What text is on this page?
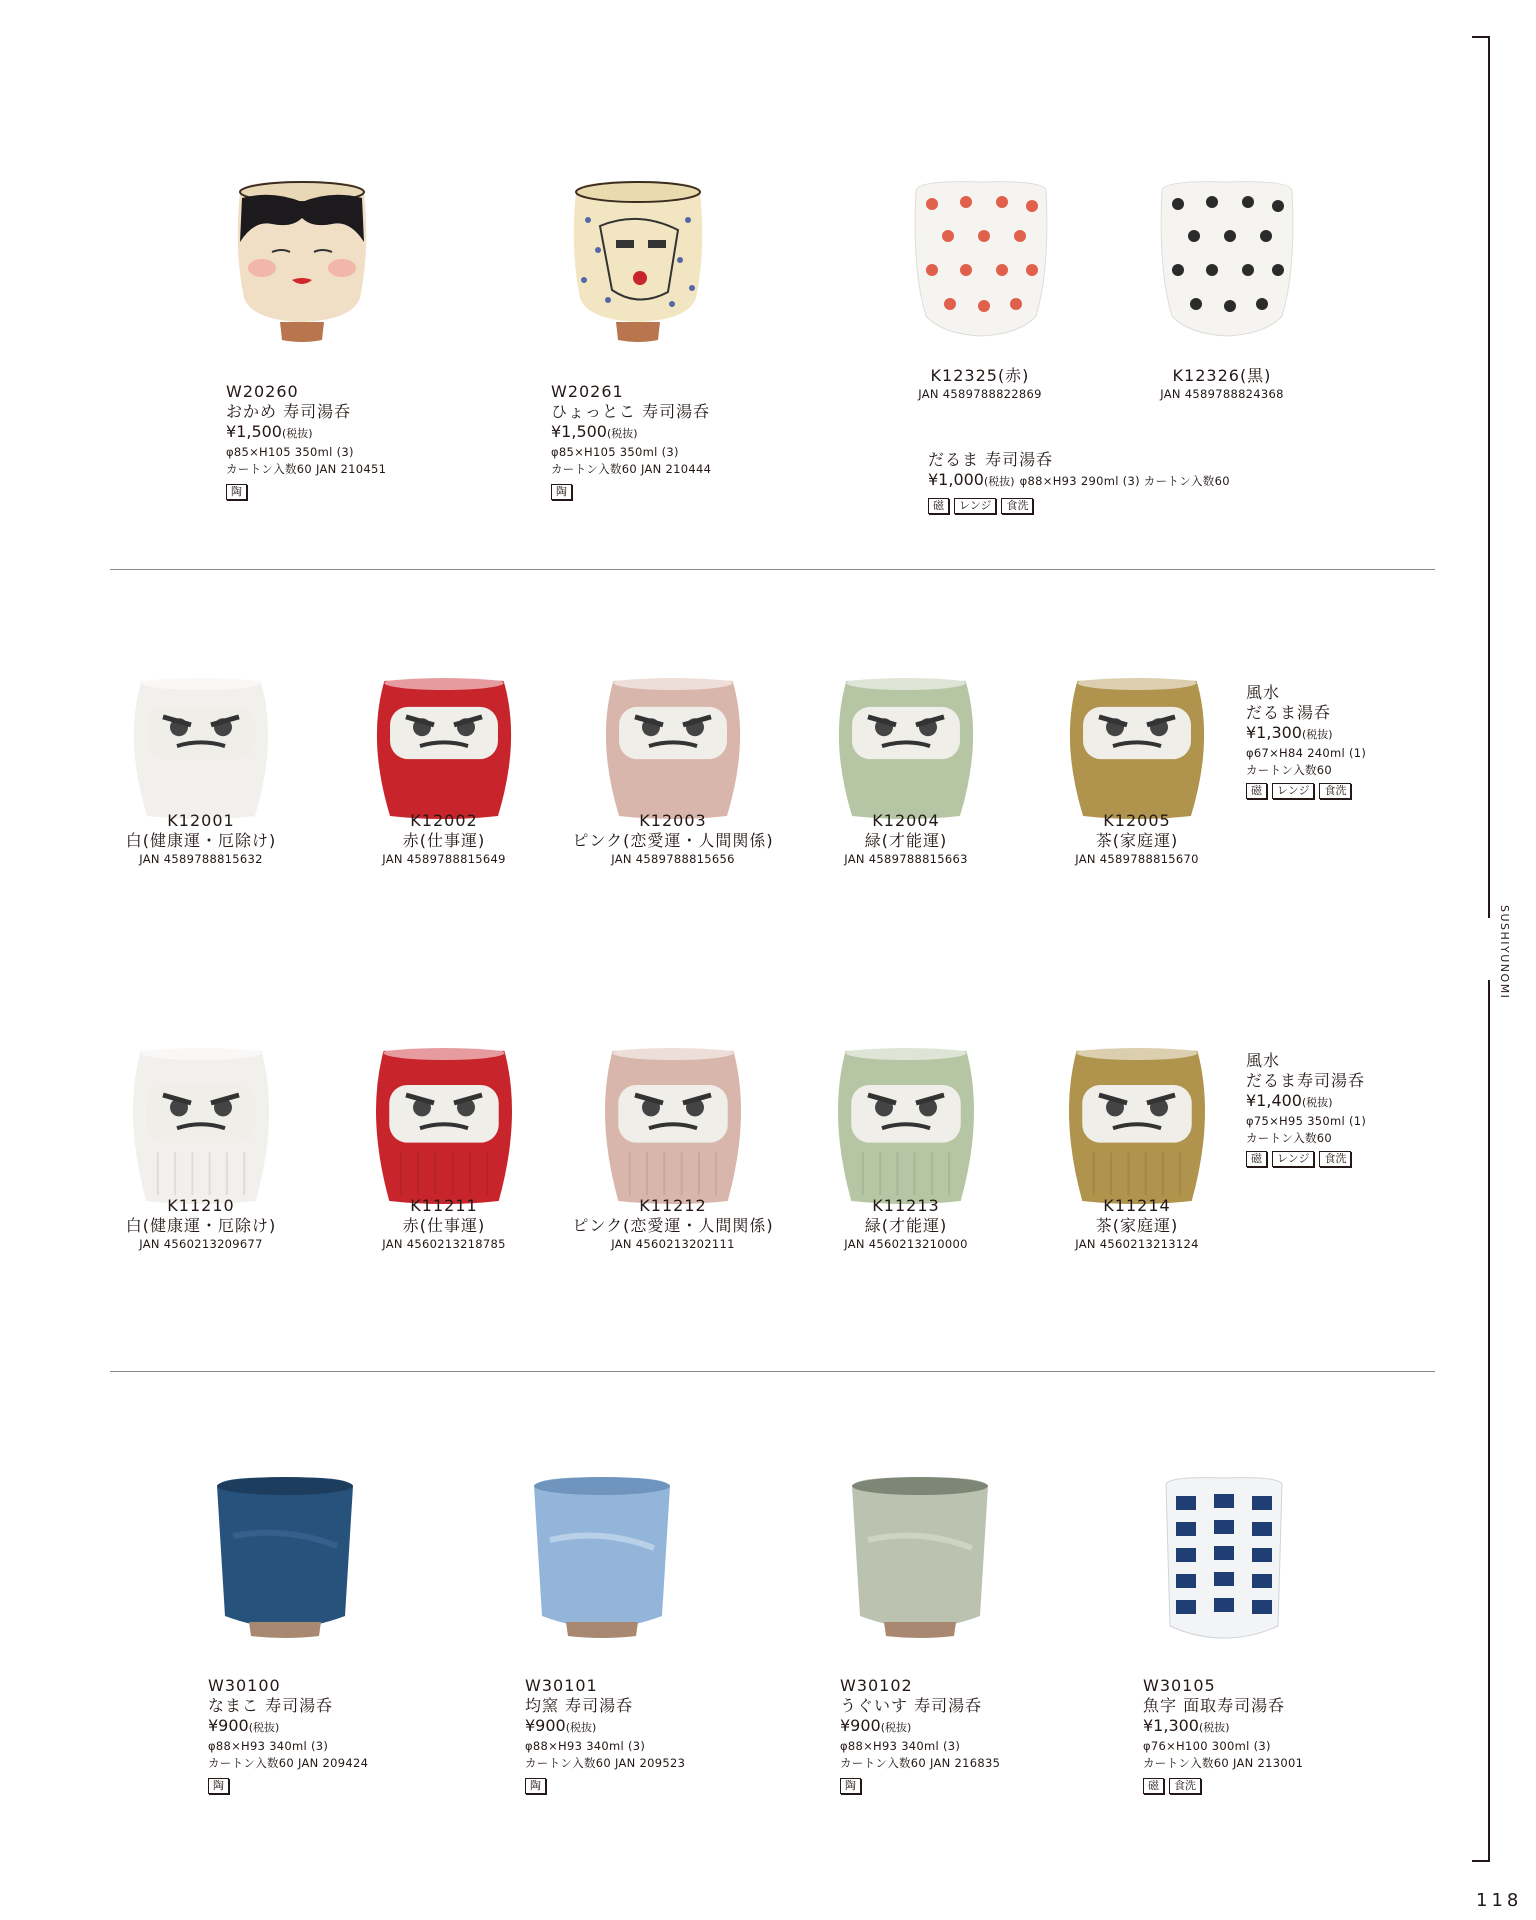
W20260
おかめ 寿司湯呑
¥1,500(税抜)
φ85×H105 350ml (3)
カートン入数60 JAN 210451
陶
W20261
ひょっとこ 寿司湯呑
¥1,500(税抜)
φ85×H105 350ml (3)
カートン入数60 JAN 210444
陶
K12325(赤)
JAN 4589788822869
K12326(黒)
JAN 4589788824368
だるま 寿司湯呑
¥1,000(税抜) φ88×H93 290ml (3) カートン入数60
磁	レンジ	食洗
K12001
白(健康運・厄除け)
JAN 4589788815632
K12002
赤(仕事運)
JAN 4589788815649
K12003
ピンク(恋愛運・人間関係)
JAN 4589788815656
K12004
緑(才能運)
JAN 4589788815663
K12005
茶(家庭運)
JAN 4589788815670
風水
だるま湯呑
¥1,300(税抜)
φ67×H84 240ml (1)
カートン入数60
磁	レンジ	食洗
K11210
白(健康運・厄除け)
JAN 4560213209677
K11211
赤(仕事運)
JAN 4560213218785
K11212
ピンク(恋愛運・人間関係)
JAN 4560213202111
K11213
緑(才能運)
JAN 4560213210000
K11214
茶(家庭運)
JAN 4560213213124
風水
だるま寿司湯呑
¥1,400(税抜)
φ75×H95 350ml (1)
カートン入数60
磁	レンジ	食洗
W30100
なまこ 寿司湯呑
¥900(税抜)
φ88×H93 340ml (3)
カートン入数60 JAN 209424
陶
W30101
均窯 寿司湯呑
¥900(税抜)
φ88×H93 340ml (3)
カートン入数60 JAN 209523
陶
W30102
うぐいす 寿司湯呑
¥900(税抜)
φ88×H93 340ml (3)
カートン入数60 JAN 216835
陶
W30105
魚字 面取寿司湯呑
¥1,300(税抜)
φ76×H100 300ml (3)
カートン入数60 JAN 213001
磁	食洗
SUSHIYUNOMI
118
